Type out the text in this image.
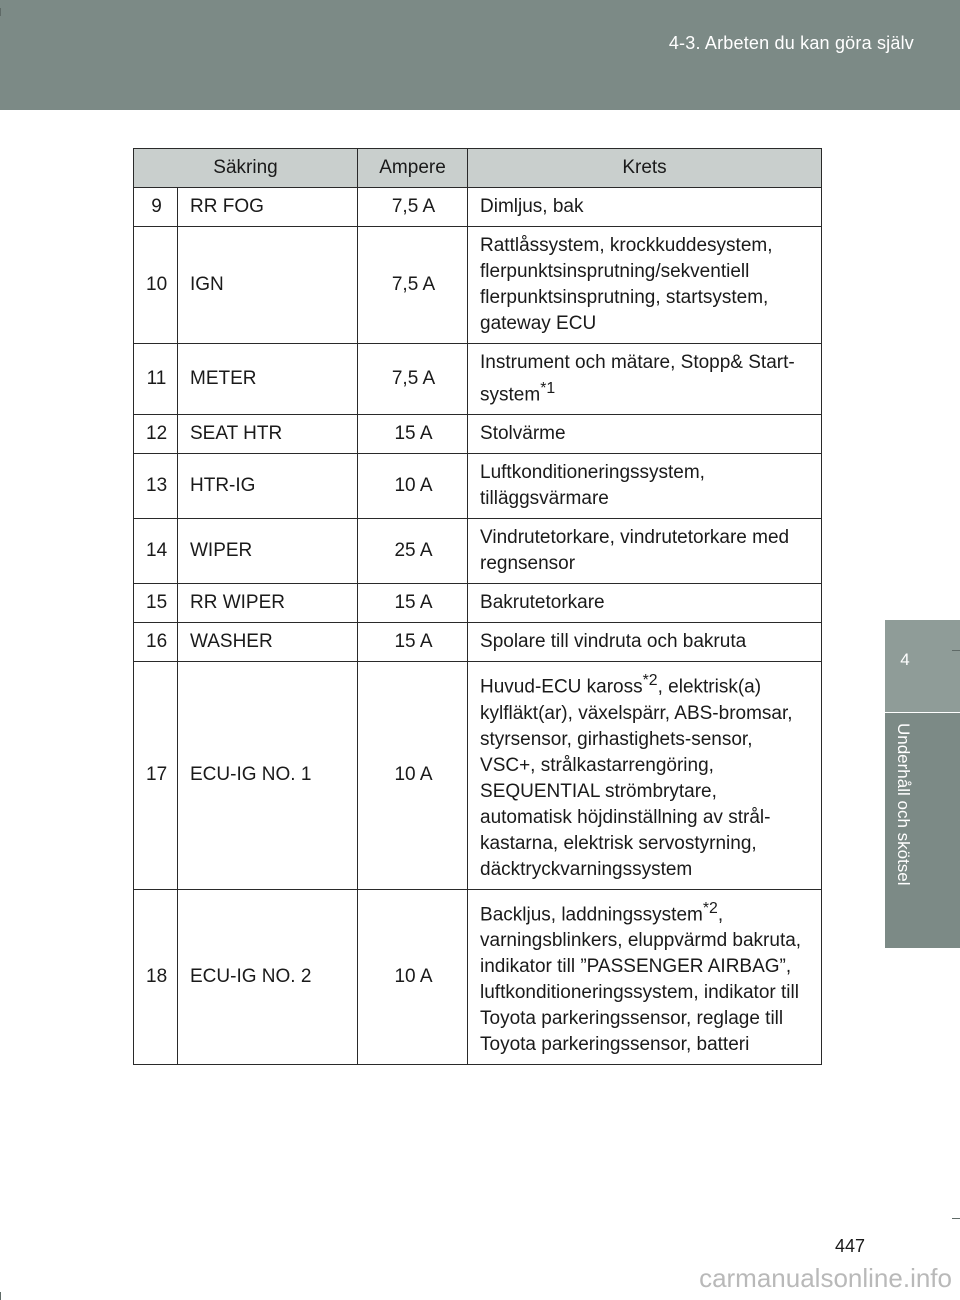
4-3. Arbeten du kan göra själv
4
Underhåll och skötsel
Säkring		Ampere	Krets
9	RR FOG	7,5 A	Dimljus, bak
10	IGN	7,5 A	Rattlåssystem, krockkuddesystem, flerpunktsinsprutning/sekventiell flerpunktsinsprutning, startsystem, gateway ECU
11	METER	7,5 A	Instrument och mätare, Stopp& Start-system$^{*1}$
12	SEAT HTR	15 A	Stolvärme
13	HTR-IG	10 A	Luftkonditioneringssystem, tilläggsvärmare
14	WIPER	25 A	Vindrutetorkare, vindrutetorkare med regnsensor
15	RR WIPER	15 A	Bakrutetorkare
16	WASHER	15 A	Spolare till vindruta och bakruta
17	ECU-IG NO. 1	10 A	Huvud-ECU kaross$^{*2}$, elektrisk(a) kylfläkt(ar), växelspärr, ABS-bromsar, styrsensor, girhastighets-sensor, VSC+, strålkastarrengöring, SEQUENTIAL strömbrytare, automatisk höjdinställning av strål-kastarna, elektrisk servostyrning, däcktryckvarningssystem
18	ECU-IG NO. 2	10 A	Backljus, laddningssystem$^{*2}$, varningsblinkers, eluppvärmd bakruta, indikator till ”PASSENGER AIRBAG”, luftkonditioneringssystem, indikator till Toyota parkeringssensor, reglage till Toyota parkeringssensor, batteri
447
carmanualsonline.info
